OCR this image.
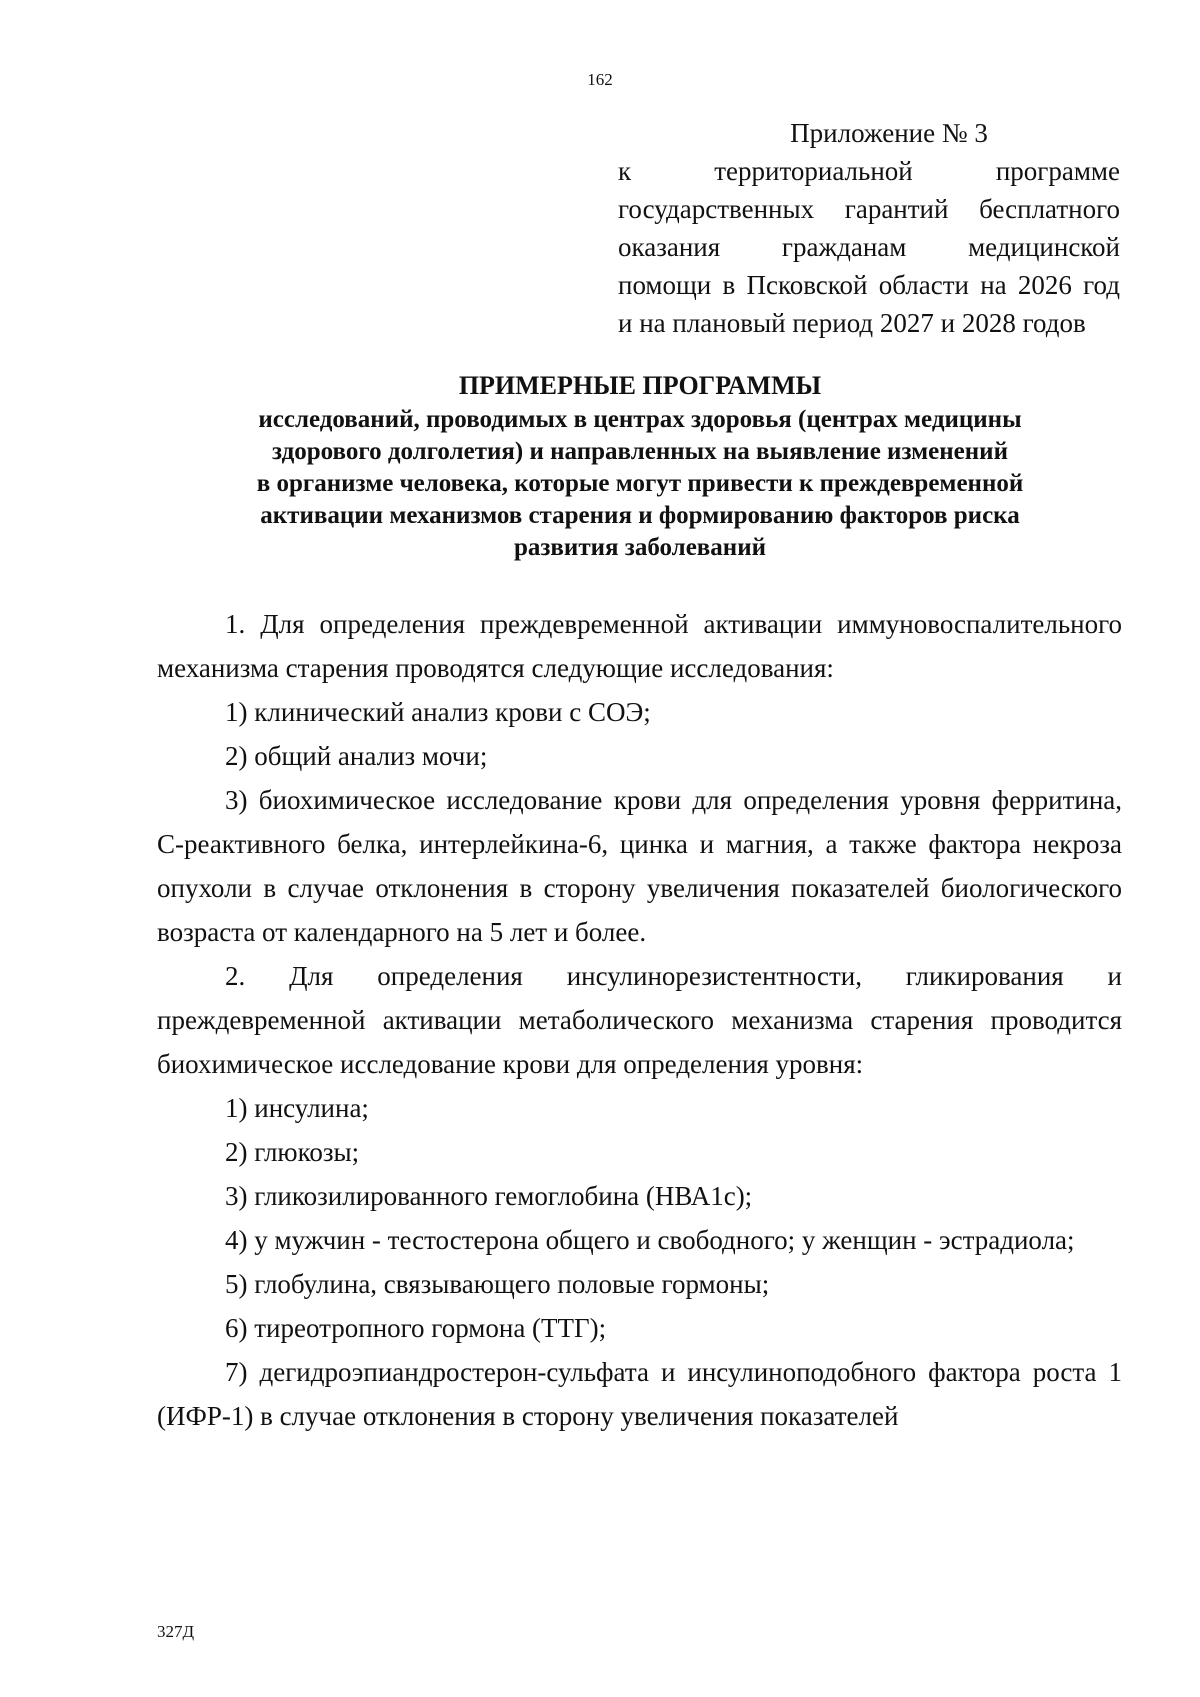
162
Приложение № 3
к территориальной программе
государственных гарантий бесплатного
оказания гражданам медицинской
помощи в Псковской области на 2026 год
и на плановый период 2027 и 2028 годов
ПРИМЕРНЫЕ ПРОГРАММЫ
исследований, проводимых в центрах здоровья (центрах медицины
здорового долголетия) и направленных на выявление изменений
в организме человека, которые могут привести к преждевременной
активации механизмов старения и формированию факторов риска
развития заболеваний

1. Для определения преждевременной активации иммуновоспалительного механизма старения проводятся следующие исследования:

1) клинический анализ крови с СОЭ;

2) общий анализ мочи;

3) биохимическое исследование крови для определения уровня ферритина, С-реактивного белка, интерлейкина-6, цинка и магния, а также фактора некроза опухоли в случае отклонения в сторону увеличения показателей биологического возраста от календарного на 5 лет и более.

2. Для определения инсулинорезистентности, гликирования и преждевременной активации метаболического механизма старения проводится биохимическое исследование крови для определения уровня:

1) инсулина;

2) глюкозы;

3) гликозилированного гемоглобина (НВА1с);

4) у мужчин - тестостерона общего и свободного; у женщин - эстрадиола;

5) глобулина, связывающего половые гормоны;

6) тиреотропного гормона (ТТГ);

7) дегидроэпиандростерон-сульфата и инсулиноподобного фактора роста 1 (ИФР-1) в случае отклонения в сторону увеличения показателей

327Д
